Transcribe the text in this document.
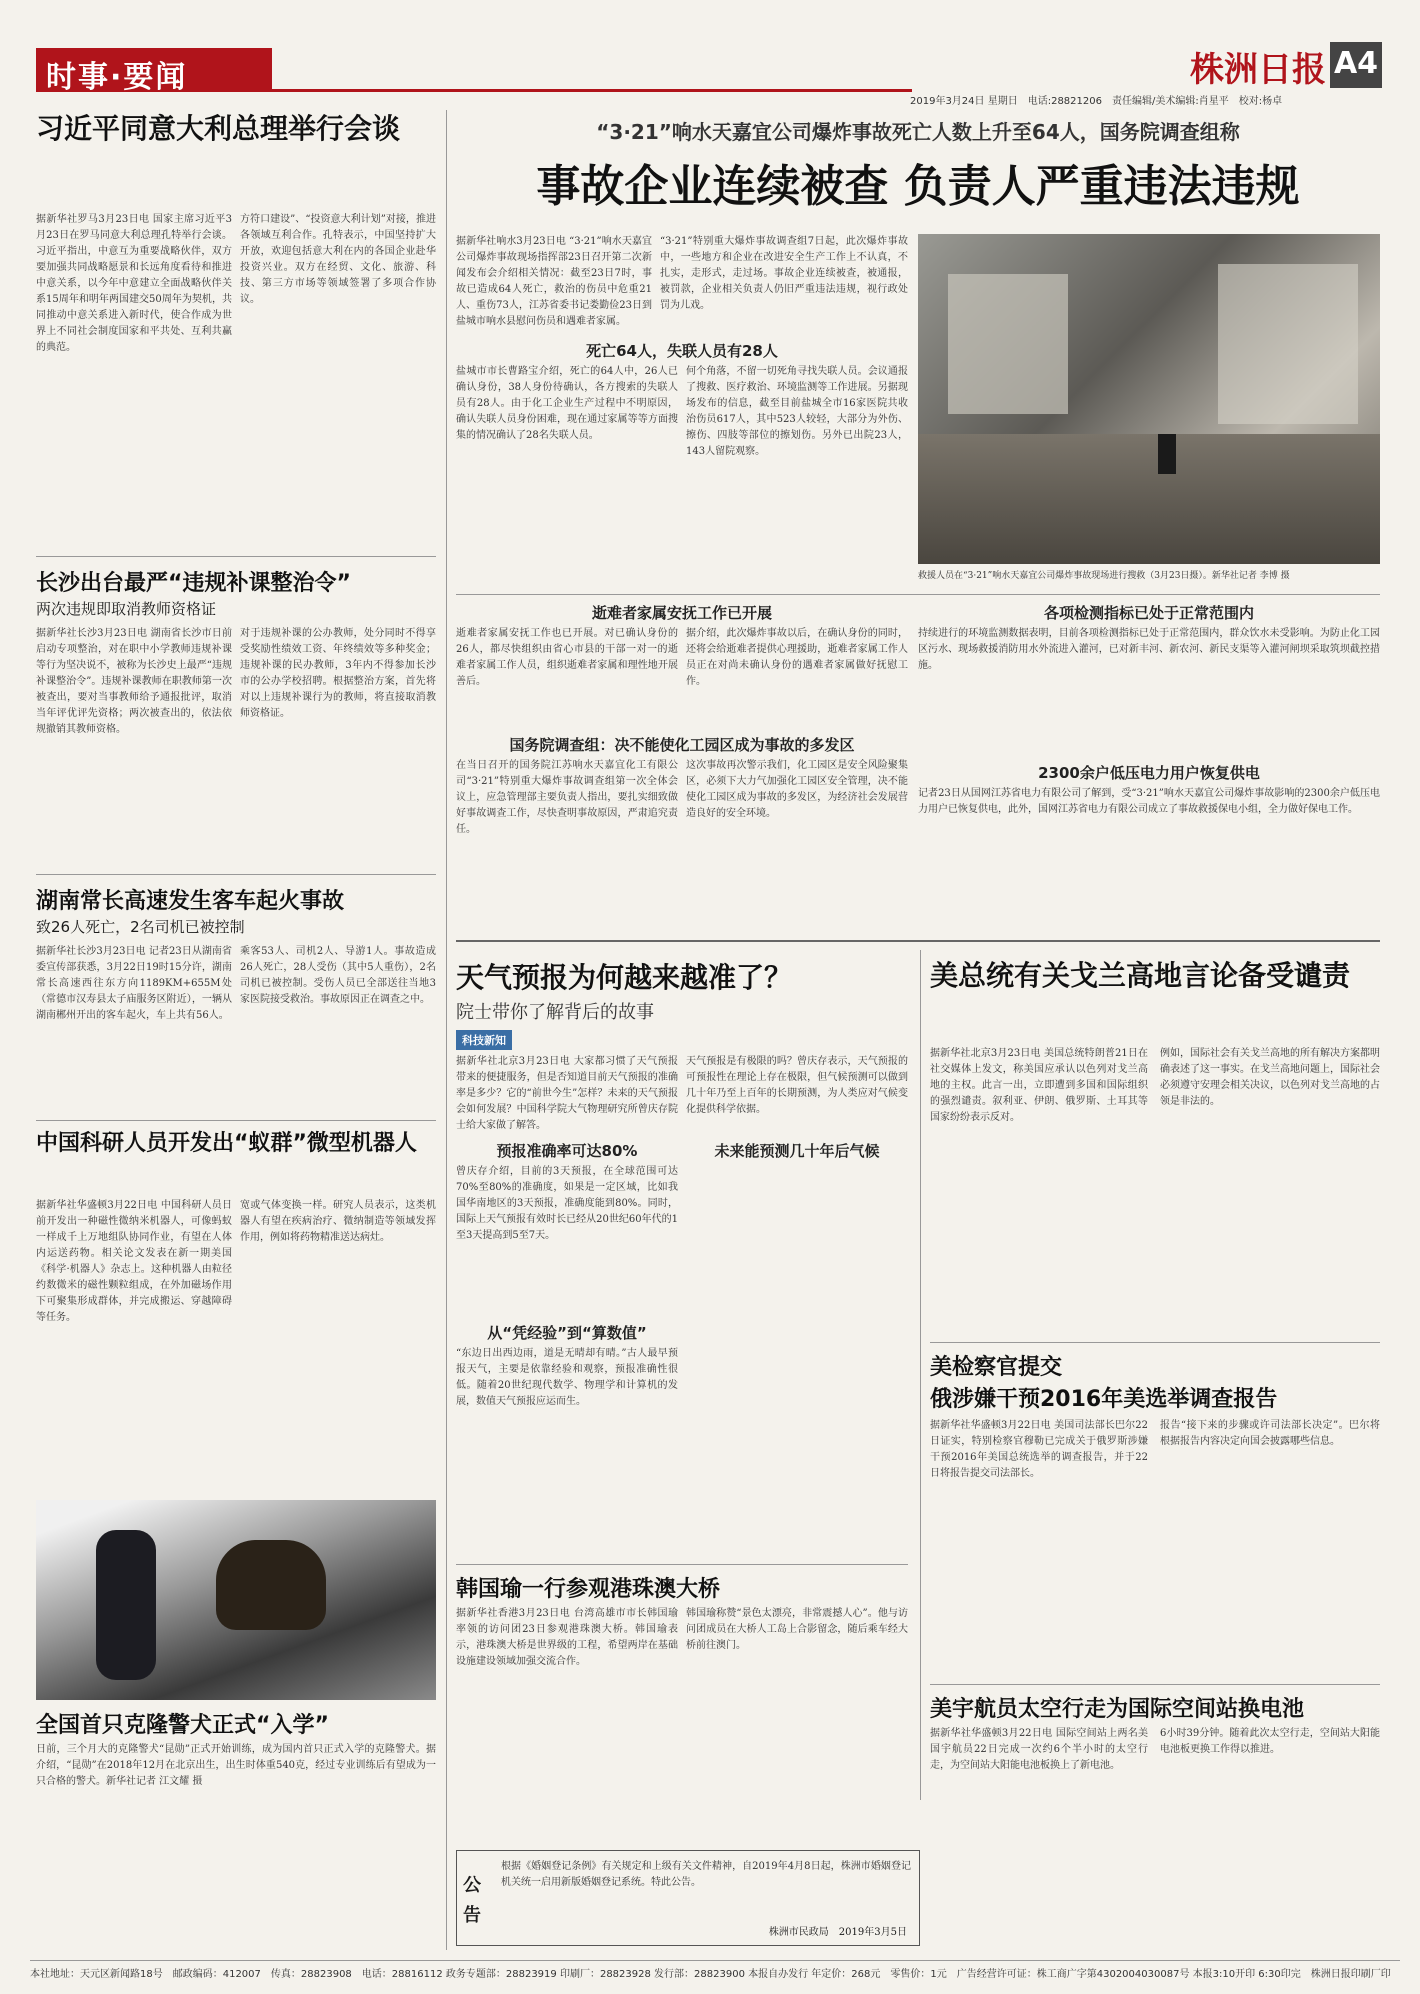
时事·要闻	株洲日报 A4
2019年3月24日 星期日　电话:28821206　责任编辑/美术编辑:肖星平　校对:杨卓
习近平同意大利总理举行会谈
据新华社罗马3月23日电 国家主席习近平3月23日在罗马同意大利总理孔特举行会谈。习近平指出，中意互为重要战略伙伴，双方要加强共同战略愿景和长远角度看待和推进中意关系，以今年中意建立全面战略伙伴关系15周年和明年两国建交50周年为契机，共同推动中意关系进入新时代，使合作成为世界上不同社会制度国家和平共处、互利共赢的典范。
方符口建设”、“投资意大利计划”对接，推进各领域互利合作。孔特表示，中国坚持扩大开放，欢迎包括意大利在内的各国企业赴华投资兴业。双方在经贸、文化、旅游、科技、第三方市场等领域签署了多项合作协议。
长沙出台最严“违规补课整治令”
两次违规即取消教师资格证
据新华社长沙3月23日电 湖南省长沙市日前启动专项整治，对在职中小学教师违规补课等行为坚决说不，被称为长沙史上最严“违规补课整治令”。违规补课教师在职教师第一次被查出，要对当事教师给予通报批评，取消当年评优评先资格；两次被查出的，依法依规撤销其教师资格。
对于违规补课的公办教师，处分同时不得享受奖励性绩效工资、年终绩效等多种奖金；违规补课的民办教师，3年内不得参加长沙市的公办学校招聘。根据整治方案，首先将对以上违规补课行为的教师，将直接取消教师资格证。
湖南常长高速发生客车起火事故
致26人死亡，2名司机已被控制
据新华社长沙3月23日电 记者23日从湖南省委宣传部获悉，3月22日19时15分许，湖南常长高速西往东方向1189KM+655M处（常德市汉寿县太子庙服务区附近），一辆从湖南郴州开出的客车起火，车上共有56人。
乘客53人、司机2人、导游1人。事故造成26人死亡，28人受伤（其中5人重伤），2名司机已被控制。受伤人员已全部送往当地3家医院接受救治。事故原因正在调查之中。
中国科研人员开发出“蚁群”微型机器人
据新华社华盛顿3月22日电 中国科研人员日前开发出一种磁性微纳米机器人，可像蚂蚁一样成千上万地组队协同作业，有望在人体内运送药物。相关论文发表在新一期美国《科学·机器人》杂志上。这种机器人由粒径约数微米的磁性颗粒组成，在外加磁场作用下可聚集形成群体，并完成搬运、穿越障碍等任务。
宽或气体变换一样。研究人员表示，这类机器人有望在疾病治疗、微纳制造等领域发挥作用，例如将药物精准送达病灶。
全国首只克隆警犬正式“入学”
日前，三个月大的克隆警犬“昆勋”正式开始训练，成为国内首只正式入学的克隆警犬。据介绍，“昆勋”在2018年12月在北京出生，出生时体重540克，经过专业训练后有望成为一只合格的警犬。新华社记者 江文耀 摄
“3·21”响水天嘉宜公司爆炸事故死亡人数上升至64人，国务院调查组称
事故企业连续被查 负责人严重违法违规
据新华社响水3月23日电 “3·21”响水天嘉宜公司爆炸事故现场指挥部23日召开第二次新闻发布会介绍相关情况：截至23日7时，事故已造成64人死亡，救治的伤员中危重21人、重伤73人，江苏省委书记娄勤俭23日到盐城市响水县慰问伤员和遇难者家属。
“3·21”特别重大爆炸事故调查组7日起，此次爆炸事故中，一些地方和企业在改进安全生产工作上不认真，不扎实，走形式，走过场。事故企业连续被查，被通报，被罚款，企业相关负责人仍旧严重违法违规，视行政处罚为儿戏。
死亡64人，失联人员有28人
盐城市市长曹路宝介绍，死亡的64人中，26人已确认身份，38人身份待确认，各方搜索的失联人员有28人。由于化工企业生产过程中不明原因，确认失联人员身份困难，现在通过家属等等方面搜集的情况确认了28名失联人员。
何个角落，不留一切死角寻找失联人员。会议通报了搜救、医疗救治、环境监测等工作进展。另据现场发布的信息，截至目前盐城全市16家医院共收治伤员617人，其中523人较轻，大部分为外伤、擦伤、四肢等部位的擦划伤。另外已出院23人，143人留院观察。
救援人员在“3·21”响水天嘉宜公司爆炸事故现场进行搜救（3月23日摄）。新华社记者 李博 摄
逝难者家属安抚工作已开展
逝难者家属安抚工作也已开展。对已确认身份的26人，都尽快组织由省心市县的干部一对一的逝难者家属工作人员，组织逝难者家属和理性地开展善后。
据介绍，此次爆炸事故以后，在确认身份的同时，还将会给逝难者提供心理援助，逝难者家属工作人员正在对尚未确认身份的遇难者家属做好抚慰工作。
各项检测指标已处于正常范围内
持续进行的环境监测数据表明，目前各项检测指标已处于正常范围内，群众饮水未受影响。为防止化工园区污水、现场救援消防用水外流进入灌河，已对新丰河、新农河、新民支渠等入灌河闸坝采取筑坝截控措施。
国务院调查组：决不能使化工园区成为事故的多发区
在当日召开的国务院江苏响水天嘉宜化工有限公司“3·21”特别重大爆炸事故调查组第一次全体会议上，应急管理部主要负责人指出，要扎实细致做好事故调查工作，尽快查明事故原因，严肃追究责任。
这次事故再次警示我们，化工园区是安全风险聚集区，必须下大力气加强化工园区安全管理，决不能使化工园区成为事故的多发区，为经济社会发展营造良好的安全环境。
2300余户低压电力用户恢复供电
记者23日从国网江苏省电力有限公司了解到，受“3·21”响水天嘉宜公司爆炸事故影响的2300余户低压电力用户已恢复供电，此外，国网江苏省电力有限公司成立了事故救援保电小组，全力做好保电工作。
天气预报为何越来越准了？
院士带你了解背后的故事
科技新知
据新华社北京3月23日电 大家都习惯了天气预报带来的便捷服务，但是否知道目前天气预报的准确率是多少？它的“前世今生”怎样？未来的天气预报会如何发展？中国科学院大气物理研究所曾庆存院士给大家做了解答。
预报准确率可达80%
曾庆存介绍，目前的3天预报，在全球范围可达70%至80%的准确度，如果是一定区域，比如我国华南地区的3天预报，准确度能到80%。同时，国际上天气预报有效时长已经从20世纪60年代的1至3天提高到5至7天。
从“凭经验”到“算数值”
“东边日出西边雨，道是无晴却有晴。”古人最早预报天气，主要是依靠经验和观察，预报准确性很低。随着20世纪现代数学、物理学和计算机的发展，数值天气预报应运而生。
未来能预测几十年后气候
天气预报是有极限的吗？曾庆存表示，天气预报的可预报性在理论上存在极限，但气候预测可以做到几十年乃至上百年的长期预测，为人类应对气候变化提供科学依据。
韩国瑜一行参观港珠澳大桥
据新华社香港3月23日电 台湾高雄市市长韩国瑜率领的访问团23日参观港珠澳大桥。韩国瑜表示，港珠澳大桥是世界级的工程，希望两岸在基础设施建设领域加强交流合作。
韩国瑜称赞“景色太漂亮，非常震撼人心”。他与访问团成员在大桥人工岛上合影留念，随后乘车经大桥前往澳门。
美总统有关戈兰高地言论备受谴责
据新华社北京3月23日电 美国总统特朗普21日在社交媒体上发文，称美国应承认以色列对戈兰高地的主权。此言一出，立即遭到多国和国际组织的强烈谴责。叙利亚、伊朗、俄罗斯、土耳其等国家纷纷表示反对。
例如，国际社会有关戈兰高地的所有解决方案都明确表述了这一事实。在戈兰高地问题上，国际社会必须遵守安理会相关决议，以色列对戈兰高地的占领是非法的。
美检察官提交
俄涉嫌干预2016年美选举调查报告
据新华社华盛顿3月22日电 美国司法部长巴尔22日证实，特别检察官穆勒已完成关于俄罗斯涉嫌干预2016年美国总统选举的调查报告，并于22日将报告提交司法部长。
报告“接下来的步骤或许司法部长决定”。巴尔将根据报告内容决定向国会披露哪些信息。
美宇航员太空行走为国际空间站换电池
据新华社华盛顿3月22日电 国际空间站上两名美国宇航员22日完成一次约6个半小时的太空行走，为空间站大阳能电池板换上了新电池。
6小时39分钟。随着此次太空行走，空间站大阳能电池板更换工作得以推进。
公告
根据《婚姻登记条例》有关规定和上级有关文件精神，自2019年4月8日起，株洲市婚姻登记机关统一启用新版婚姻登记系统。特此公告。
株洲市民政局　2019年3月5日
本社地址：天元区新闻路18号　邮政编码：412007　传真：28823908　电话：28816112 政务专题部：28823919 印刷厂：28823928 发行部：28823900 本报自办发行 年定价：268元　零售价：1元　广告经营许可证：株工商广字第4302004030087号 本报3:10开印 6:30印完　株洲日报印刷厂印
